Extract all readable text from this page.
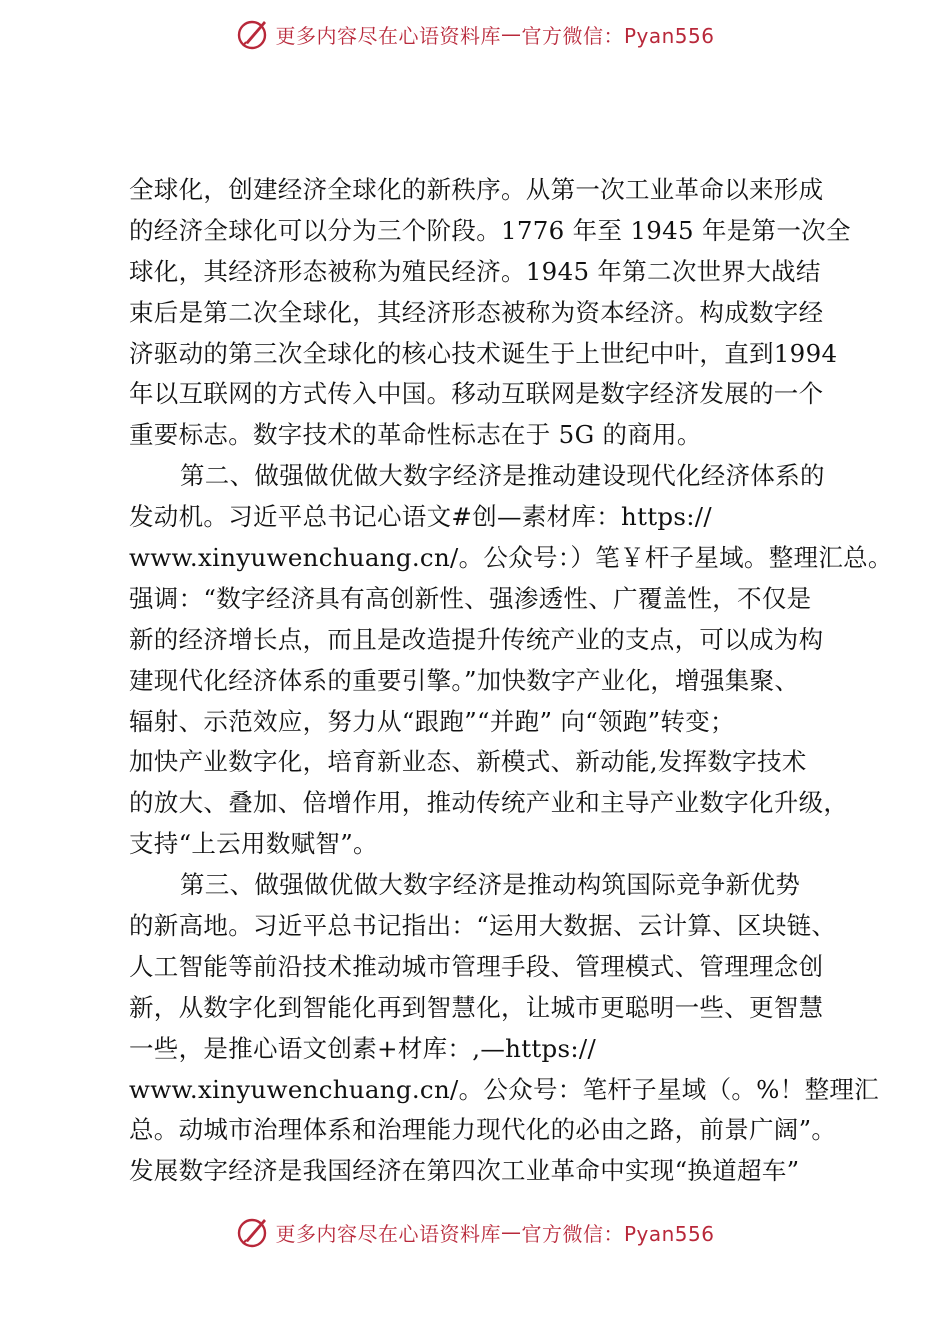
更多内容尽在心语资料库 — 官方微信：Pyan556
全球化，创建经济全球化的新秩序。从第一次工业革命以来形成
的经济全球化可以分为三个阶段。1776 年至 1945 年是第一次全
球化，其经济形态被称为殖民经济。1945 年第二次世界大战结
束后是第二次全球化，其经济形态被称为资本经济。构成数字经
济驱动的第三次全球化的核心技术诞生于上世纪中叶，直到1994
年以互联网的方式传入中国。移动互联网是数字经济发展的一个
重要标志。数字技术的革命性标志在于 5G 的商用。
第二、做强做优做大数字经济是推动建设现代化经济体系的
发动机。习近平总书记心语文#创—素材库：https://
www.xinyuwenchuang.cn/。公众号：）笔￥杆子星域。整理汇总。
强调：“数字经济具有高创新性、强渗透性、广覆盖性，不仅是
新的经济增长点，而且是改造提升传统产业的支点，可以成为构
建现代化经济体系的重要引擎。”加快数字产业化，增强集聚、
辐射、示范效应，努力从“跟跑”“并跑” 向“领跑”转变；
加快产业数字化，培育新业态、新模式、新动能,发挥数字技术
的放大、叠加、倍增作用，推动传统产业和主导产业数字化升级，
支持“上云用数赋智”。
第三、做强做优做大数字经济是推动构筑国际竞争新优势
的新高地。习近平总书记指出：“运用大数据、云计算、区块链、
人工智能等前沿技术推动城市管理手段、管理模式、管理理念创
新，从数字化到智能化再到智慧化，让城市更聪明一些、更智慧
一些，是推心语文创素+材库：,—https://
www.xinyuwenchuang.cn/。公众号：笔杆子星域（。%！整理汇
总。动城市治理体系和治理能力现代化的必由之路，前景广阔”。
发展数字经济是我国经济在第四次工业革命中实现“换道超车”
更多内容尽在心语资料库 — 官方微信：Pyan556
